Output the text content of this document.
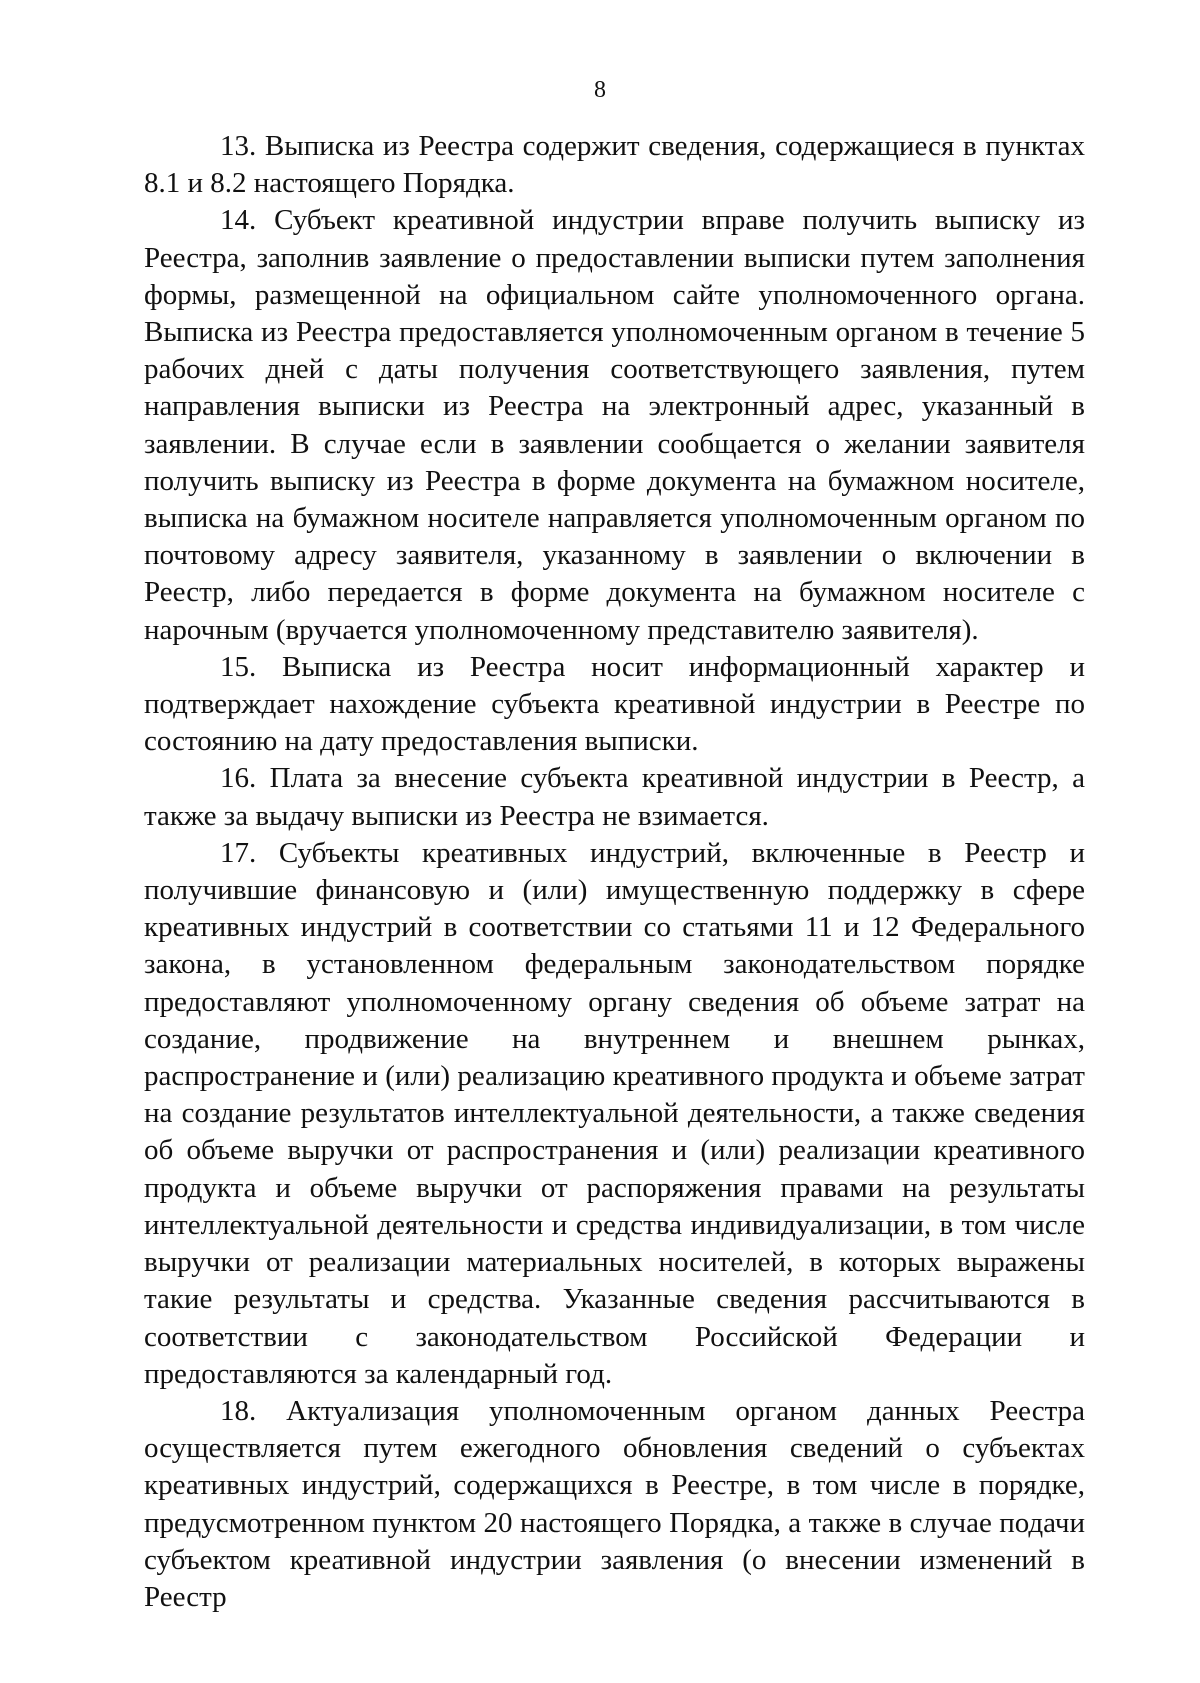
8

13. Выписка из Реестра содержит сведения, содержащиеся в пунктах 8.1 и 8.2 настоящего Порядка.

14. Субъект креативной индустрии вправе получить выписку из Реестра, заполнив заявление о предоставлении выписки путем заполнения формы, размещенной на официальном сайте уполномоченного органа. Выписка из Реестра предоставляется уполномоченным органом в течение 5 рабочих дней с даты получения соответствующего заявления, путем направления выписки из Реестра на электронный адрес, указанный в заявлении. В случае если в заявлении сообщается о желании заявителя получить выписку из Реестра в форме документа на бумажном носителе, выписка на бумажном носителе направляется уполномоченным органом по почтовому адресу заявителя, указанному в заявлении о включении в Реестр, либо передается в форме документа на бумажном носителе с нарочным (вручается уполномоченному представителю заявителя).

15. Выписка из Реестра носит информационный характер и подтверждает нахождение субъекта креативной индустрии в Реестре по состоянию на дату предоставления выписки.

16. Плата за внесение субъекта креативной индустрии в Реестр, а также за выдачу выписки из Реестра не взимается.

17. Субъекты креативных индустрий, включенные в Реестр и получившие финансовую и (или) имущественную поддержку в сфере креативных индустрий в соответствии со статьями 11 и 12 Федерального закона, в установленном федеральным законодательством порядке предоставляют уполномоченному органу сведения об объеме затрат на создание, продвижение на внутреннем и внешнем рынках, распространение и (или) реализацию креативного продукта и объеме затрат на создание результатов интеллектуальной деятельности, а также сведения об объеме выручки от распространения и (или) реализации креативного продукта и объеме выручки от распоряжения правами на результаты интеллектуальной деятельности и средства индивидуализации, в том числе выручки от реализации материальных носителей, в которых выражены такие результаты и средства. Указанные сведения рассчитываются в соответствии с законодательством Российской Федерации и предоставляются за календарный год.

18. Актуализация уполномоченным органом данных Реестра осуществляется путем ежегодного обновления сведений о субъектах креативных индустрий, содержащихся в Реестре, в том числе в порядке, предусмотренном пунктом 20 настоящего Порядка, а также в случае подачи субъектом креативной индустрии заявления (о внесении изменений в Реестр
